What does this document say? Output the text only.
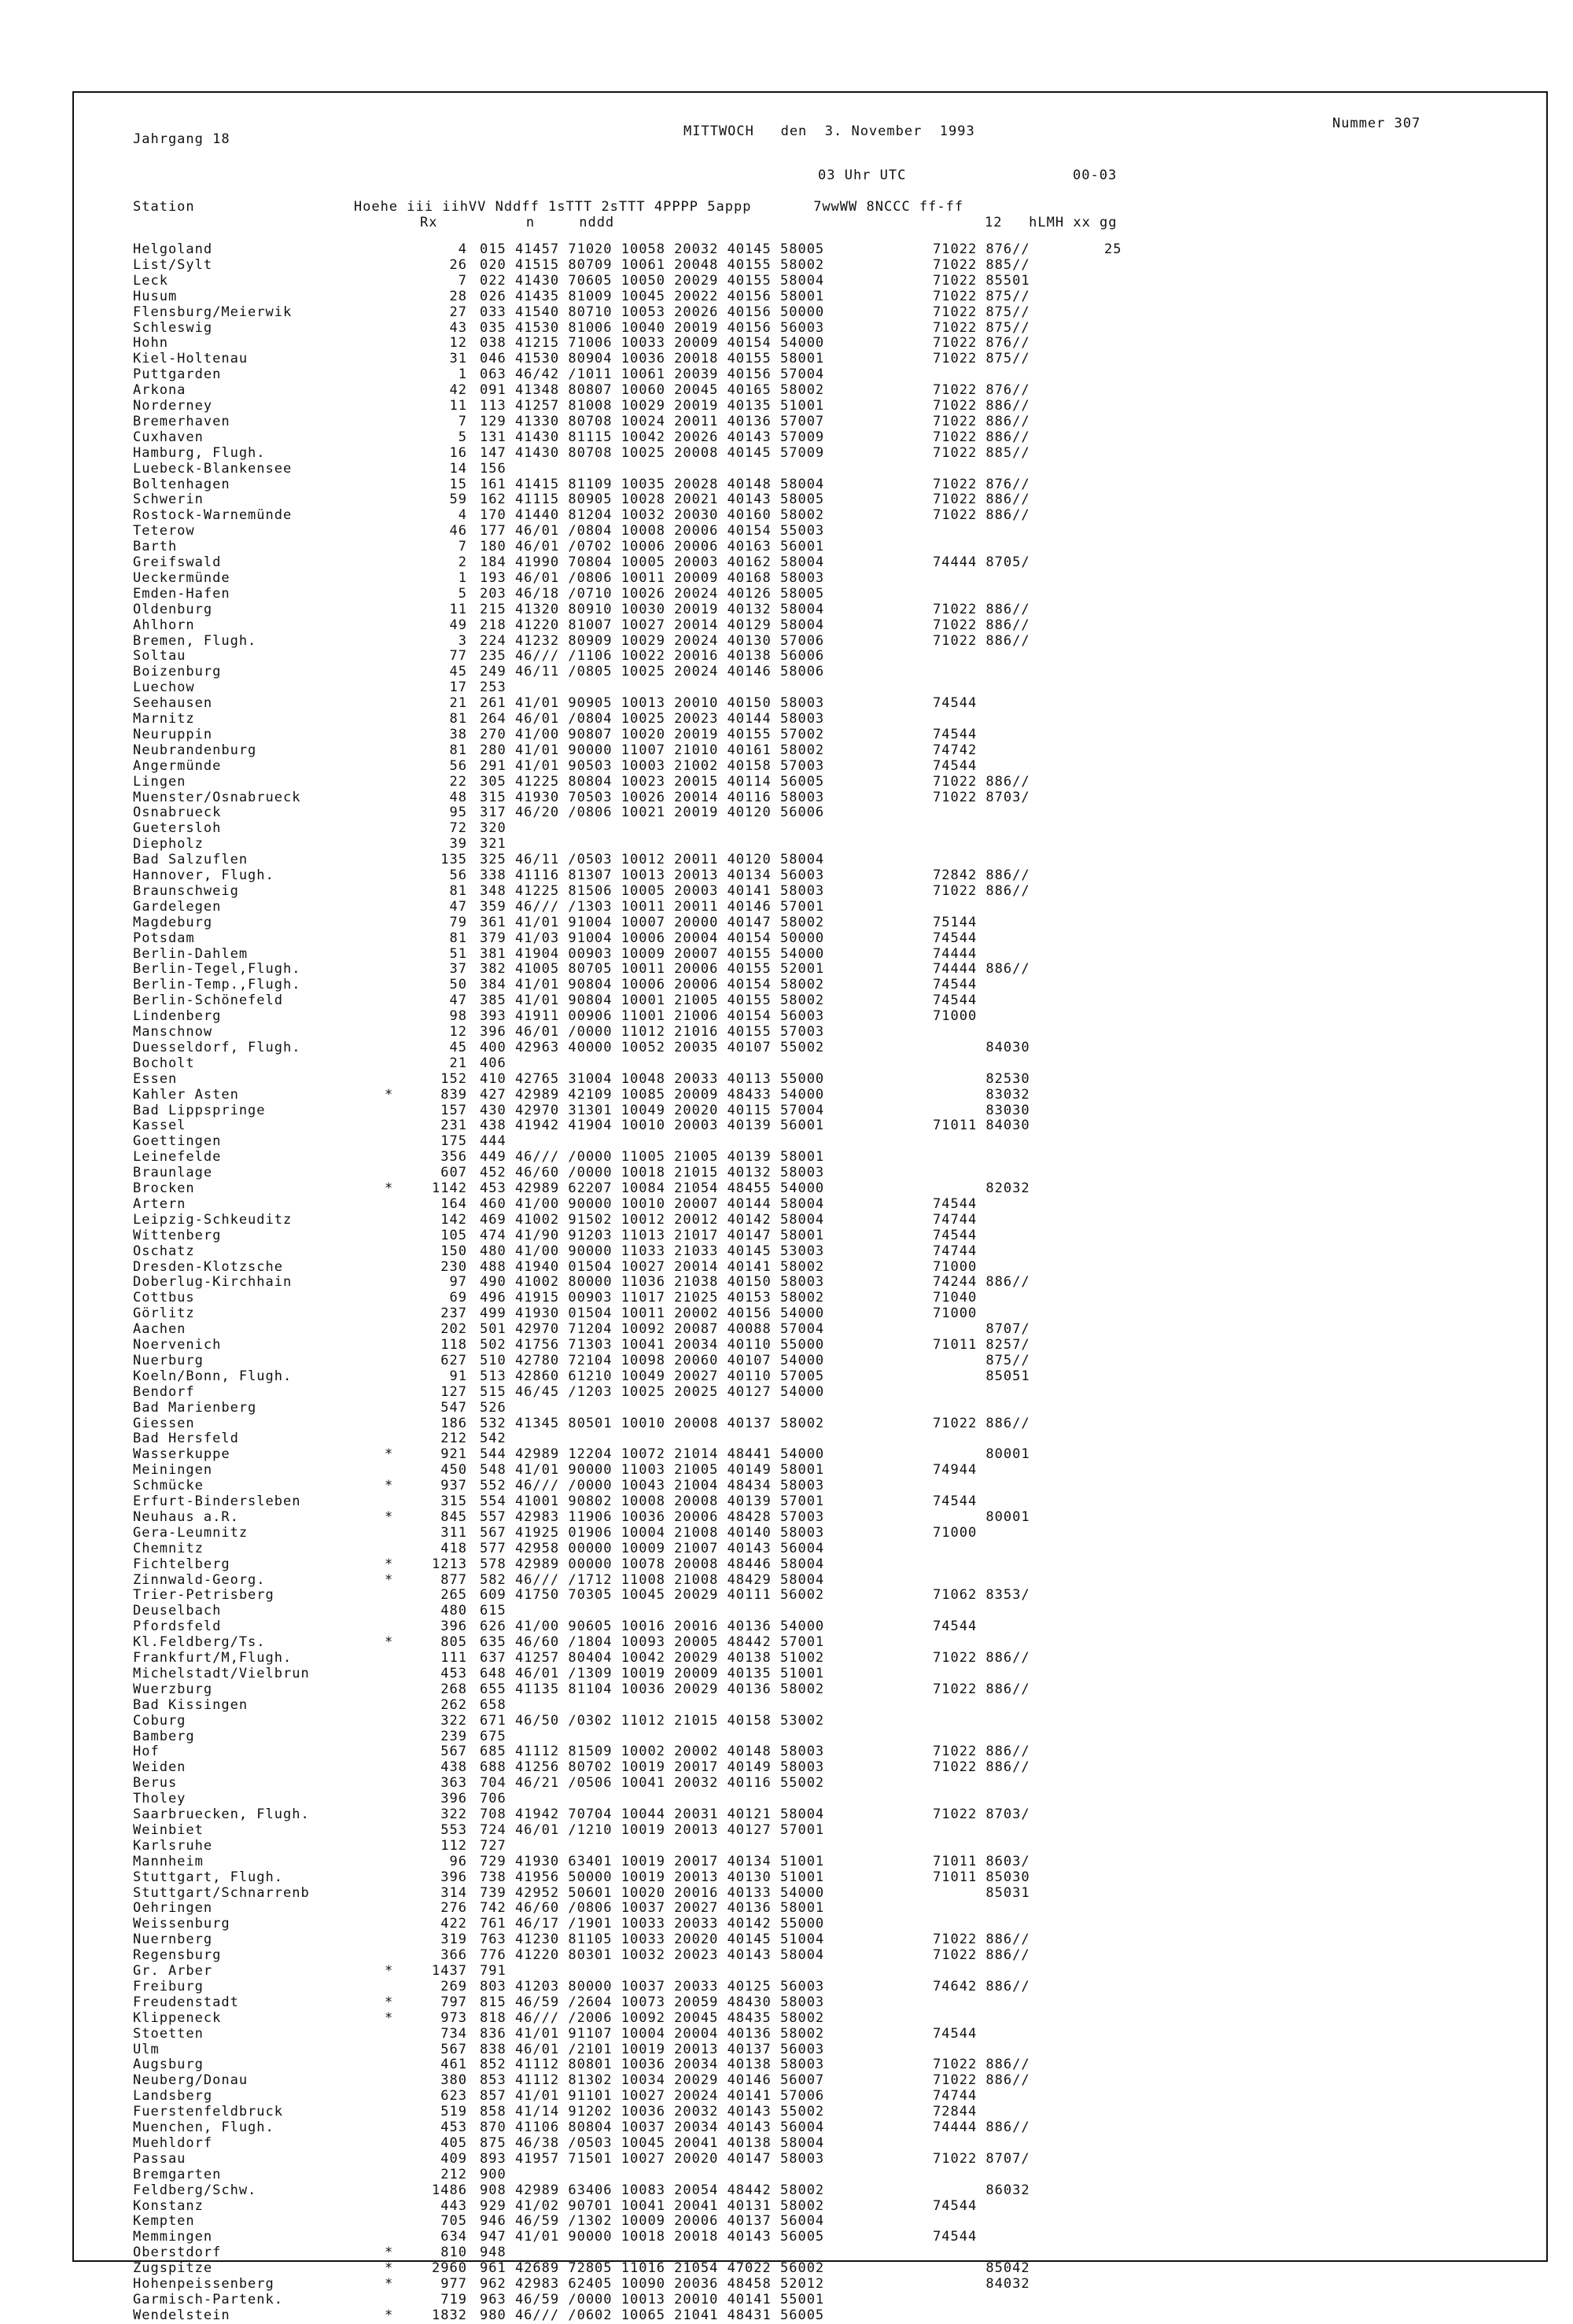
Jahrgang 18	MITTWOCH   den  3. November  1993	Nummer 307
03 Uhr UTC	00-03
Station                  Hoehe iii iihVV Nddff 1sTTT 2sTTT 4PPPP 5appp       7wwWW 8NCCC ff-ff
Rx          n     nddd	12   hLMH xx gg
Helgoland	4 015 41457 71020 10058 20032 40145 58005	71022 876//	25
List/Sylt	26 020 41515 80709 10061 20048 40155 58002	71022 885//
Leck	7 022 41430 70605 10050 20029 40155 58004	71022 85501
Husum	28 026 41435 81009 10045 20022 40156 58001	71022 875//
Flensburg/Meierwik	27 033 41540 80710 10053 20026 40156 50000	71022 875//
Schleswig	43 035 41530 81006 10040 20019 40156 56003	71022 875//
Hohn	12 038 41215 71006 10033 20009 40154 54000	71022 876//
Kiel-Holtenau	31 046 41530 80904 10036 20018 40155 58001	71022 875//
Puttgarden	1 063 46/42 /1011 10061 20039 40156 57004
Arkona	42 091 41348 80807 10060 20045 40165 58002	71022 876//
Norderney	11 113 41257 81008 10029 20019 40135 51001	71022 886//
Bremerhaven	7 129 41330 80708 10024 20011 40136 57007	71022 886//
Cuxhaven	5 131 41430 81115 10042 20026 40143 57009	71022 886//
Hamburg, Flugh.	16 147 41430 80708 10025 20008 40145 57009	71022 885//
Luebeck-Blankensee	14 156
Boltenhagen	15 161 41415 81109 10035 20028 40148 58004	71022 876//
Schwerin	59 162 41115 80905 10028 20021 40143 58005	71022 886//
Rostock-Warnemünde	4 170 41440 81204 10032 20030 40160 58002	71022 886//
Teterow	46 177 46/01 /0804 10008 20006 40154 55003
Barth	7 180 46/01 /0702 10006 20006 40163 56001
Greifswald	2 184 41990 70804 10005 20003 40162 58004	74444 8705/
Ueckermünde	1 193 46/01 /0806 10011 20009 40168 58003
Emden-Hafen	5 203 46/18 /0710 10026 20024 40126 58005
Oldenburg	11 215 41320 80910 10030 20019 40132 58004	71022 886//
Ahlhorn	49 218 41220 81007 10027 20014 40129 58004	71022 886//
Bremen, Flugh.	3 224 41232 80909 10029 20024 40130 57006	71022 886//
Soltau	77 235 46/// /1106 10022 20016 40138 56006
Boizenburg	45 249 46/11 /0805 10025 20024 40146 58006
Luechow	17 253
Seehausen	21 261 41/01 90905 10013 20010 40150 58003	74544
Marnitz	81 264 46/01 /0804 10025 20023 40144 58003
Neuruppin	38 270 41/00 90807 10020 20019 40155 57002	74544
Neubrandenburg	81 280 41/01 90000 11007 21010 40161 58002	74742
Angermünde	56 291 41/01 90503 10003 21002 40158 57003	74544
Lingen	22 305 41225 80804 10023 20015 40114 56005	71022 886//
Muenster/Osnabrueck	48 315 41930 70503 10026 20014 40116 58003	71022 8703/
Osnabrueck	95 317 46/20 /0806 10021 20019 40120 56006
Guetersloh	72 320
Diepholz	39 321
Bad Salzuflen	135 325 46/11 /0503 10012 20011 40120 58004
Hannover, Flugh.	56 338 41116 81307 10013 20013 40134 56003	72842 886//
Braunschweig	81 348 41225 81506 10005 20003 40141 58003	71022 886//
Gardelegen	47 359 46/// /1303 10011 20011 40146 57001
Magdeburg	79 361 41/01 91004 10007 20000 40147 58002	75144
Potsdam	81 379 41/03 91004 10006 20004 40154 50000	74544
Berlin-Dahlem	51 381 41904 00903 10009 20007 40155 54000	74444
Berlin-Tegel,Flugh.	37 382 41005 80705 10011 20006 40155 52001	74444 886//
Berlin-Temp.,Flugh.	50 384 41/01 90804 10006 20006 40154 58002	74544
Berlin-Schönefeld	47 385 41/01 90804 10001 21005 40155 58002	74544
Lindenberg	98 393 41911 00906 11001 21006 40154 56003	71000
Manschnow	12 396 46/01 /0000 11012 21016 40155 57003
Duesseldorf, Flugh.	45 400 42963 40000 10052 20035 40107 55002	84030
Bocholt	21 406
Essen	152 410 42765 31004 10048 20033 40113 55000	82530
Kahler Asten	*	839 427 42989 42109 10085 20009 48433 54000	83032
Bad Lippspringe	157 430 42970 31301 10049 20020 40115 57004	83030
Kassel	231 438 41942 41904 10010 20003 40139 56001	71011 84030
Goettingen	175 444
Leinefelde	356 449 46/// /0000 11005 21005 40139 58001
Braunlage	607 452 46/60 /0000 10018 21015 40132 58003
Brocken	*	1142 453 42989 62207 10084 21054 48455 54000	82032
Artern	164 460 41/00 90000 10010 20007 40144 58004	74544
Leipzig-Schkeuditz	142 469 41002 91502 10012 20012 40142 58004	74744
Wittenberg	105 474 41/90 91203 11013 21017 40147 58001	74544
Oschatz	150 480 41/00 90000 11033 21033 40145 53003	74744
Dresden-Klotzsche	230 488 41940 01504 10027 20014 40141 58002	71000
Doberlug-Kirchhain	97 490 41002 80000 11036 21038 40150 58003	74244 886//
Cottbus	69 496 41915 00903 11017 21025 40153 58002	71040
Görlitz	237 499 41930 01504 10011 20002 40156 54000	71000
Aachen	202 501 42970 71204 10092 20087 40088 57004	8707/
Noervenich	118 502 41756 71303 10041 20034 40110 55000	71011 8257/
Nuerburg	627 510 42780 72104 10098 20060 40107 54000	875//
Koeln/Bonn, Flugh.	91 513 42860 61210 10049 20027 40110 57005	85051
Bendorf	127 515 46/45 /1203 10025 20025 40127 54000
Bad Marienberg	547 526
Giessen	186 532 41345 80501 10010 20008 40137 58002	71022 886//
Bad Hersfeld	212 542
Wasserkuppe	*	921 544 42989 12204 10072 21014 48441 54000	80001
Meiningen	450 548 41/01 90000 11003 21005 40149 58001	74944
Schmücke	*	937 552 46/// /0000 10043 21004 48434 58003
Erfurt-Bindersleben	315 554 41001 90802 10008 20008 40139 57001	74544
Neuhaus a.R.	*	845 557 42983 11906 10036 20006 48428 57003	80001
Gera-Leumnitz	311 567 41925 01906 10004 21008 40140 58003	71000
Chemnitz	418 577 42958 00000 10009 21007 40143 56004
Fichtelberg	*	1213 578 42989 00000 10078 20008 48446 58004
Zinnwald-Georg.	*	877 582 46/// /1712 11008 21008 48429 58004
Trier-Petrisberg	265 609 41750 70305 10045 20029 40111 56002	71062 8353/
Deuselbach	480 615
Pfordsfeld	396 626 41/00 90605 10016 20016 40136 54000	74544
Kl.Feldberg/Ts.	*	805 635 46/60 /1804 10093 20005 48442 57001
Frankfurt/M,Flugh.	111 637 41257 80404 10042 20029 40138 51002	71022 886//
Michelstadt/Vielbrun	453 648 46/01 /1309 10019 20009 40135 51001
Wuerzburg	268 655 41135 81104 10036 20029 40136 58002	71022 886//
Bad Kissingen	262 658
Coburg	322 671 46/50 /0302 11012 21015 40158 53002
Bamberg	239 675
Hof	567 685 41112 81509 10002 20002 40148 58003	71022 886//
Weiden	438 688 41256 80702 10019 20017 40149 58003	71022 886//
Berus	363 704 46/21 /0506 10041 20032 40116 55002
Tholey	396 706
Saarbruecken, Flugh.	322 708 41942 70704 10044 20031 40121 58004	71022 8703/
Weinbiet	553 724 46/01 /1210 10019 20013 40127 57001
Karlsruhe	112 727
Mannheim	96 729 41930 63401 10019 20017 40134 51001	71011 8603/
Stuttgart, Flugh.	396 738 41956 50000 10019 20013 40130 51001	71011 85030
Stuttgart/Schnarrenb	314 739 42952 50601 10020 20016 40133 54000	85031
Oehringen	276 742 46/60 /0806 10037 20027 40136 58001
Weissenburg	422 761 46/17 /1901 10033 20033 40142 55000
Nuernberg	319 763 41230 81105 10033 20020 40145 51004	71022 886//
Regensburg	366 776 41220 80301 10032 20023 40143 58004	71022 886//
Gr. Arber	*	1437 791
Freiburg	269 803 41203 80000 10037 20033 40125 56003	74642 886//
Freudenstadt	*	797 815 46/59 /2604 10073 20059 48430 58003
Klippeneck	*	973 818 46/// /2006 10092 20045 48435 58002
Stoetten	734 836 41/01 91107 10004 20004 40136 58002	74544
Ulm	567 838 46/01 /2101 10019 20013 40137 56003
Augsburg	461 852 41112 80801 10036 20034 40138 58003	71022 886//
Neuberg/Donau	380 853 41112 81302 10034 20029 40146 56007	71022 886//
Landsberg	623 857 41/01 91101 10027 20024 40141 57006	74744
Fuerstenfeldbruck	519 858 41/14 91202 10036 20032 40143 55002	72844
Muenchen, Flugh.	453 870 41106 80804 10037 20034 40143 56004	74444 886//
Muehldorf	405 875 46/38 /0503 10045 20041 40138 58004
Passau	409 893 41957 71501 10027 20020 40147 58003	71022 8707/
Bremgarten	212 900
Feldberg/Schw.	1486 908 42989 63406 10083 20054 48442 58002	86032
Konstanz	443 929 41/02 90701 10041 20041 40131 58002	74544
Kempten	705 946 46/59 /1302 10009 20006 40137 56004
Memmingen	634 947 41/01 90000 10018 20018 40143 56005	74544
Oberstdorf	*	810 948
Zugspitze	*	2960 961 42689 72805 11016 21054 47022 56002	85042
Hohenpeissenberg	*	977 962 42983 62405 10090 20036 48458 52012	84032
Garmisch-Partenk.	719 963 46/59 /0000 10013 20010 40141 55001
Wendelstein	*	1832 980 46/// /0602 10065 21041 48431 56005
